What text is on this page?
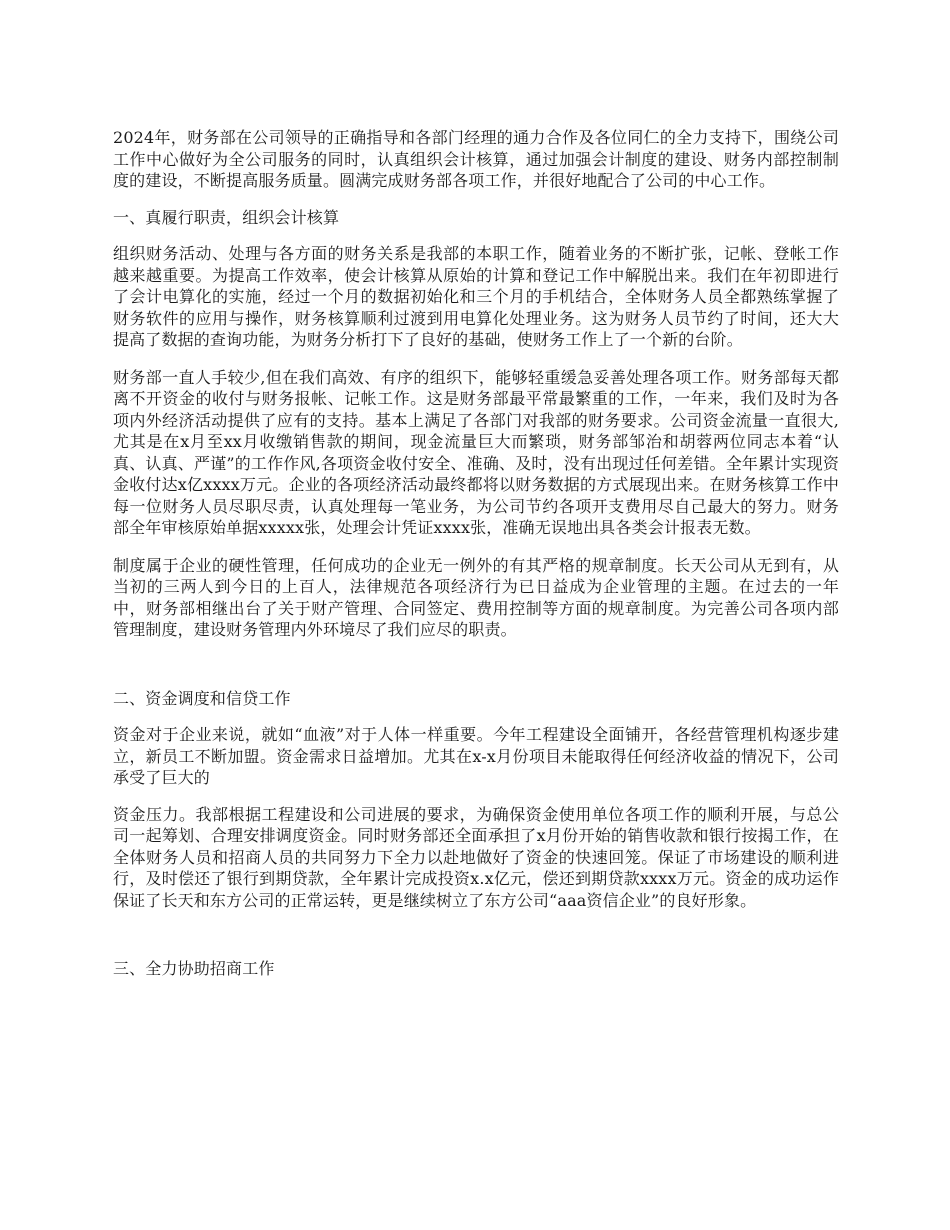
2024年，财务部在公司领导的正确指导和各部门经理的通力合作及各位同仁的全力支持下，围绕公司工作中心做好为全公司服务的同时，认真组织会计核算，通过加强会计制度的建设、财务内部控制制度的建设，不断提高服务质量。圆满完成财务部各项工作，并很好地配合了公司的中心工作。

一、真履行职责，组织会计核算

组织财务活动、处理与各方面的财务关系是我部的本职工作，随着业务的不断扩张，记帐、登帐工作越来越重要。为提高工作效率，使会计核算从原始的计算和登记工作中解脱出来。我们在年初即进行了会计电算化的实施，经过一个月的数据初始化和三个月的手机结合，全体财务人员全都熟练掌握了财务软件的应用与操作，财务核算顺利过渡到用电算化处理业务。这为财务人员节约了时间，还大大提高了数据的查询功能，为财务分析打下了良好的基础，使财务工作上了一个新的台阶。

财务部一直人手较少,但在我们高效、有序的组织下，能够轻重缓急妥善处理各项工作。财务部每天都离不开资金的收付与财务报帐、记帐工作。这是财务部最平常最繁重的工作，一年来，我们及时为各项内外经济活动提供了应有的支持。基本上满足了各部门对我部的财务要求。公司资金流量一直很大,尤其是在x月至xx月收缴销售款的期间，现金流量巨大而繁琐，财务部邹治和胡蓉两位同志本着“认真、认真、严谨”的工作作风,各项资金收付安全、准确、及时，没有出现过任何差错。全年累计实现资金收付达x亿xxxx万元。企业的各项经济活动最终都将以财务数据的方式展现出来。在财务核算工作中每一位财务人员尽职尽责，认真处理每一笔业务，为公司节约各项开支费用尽自己最大的努力。财务部全年审核原始单据xxxxx张，处理会计凭证xxxx张，准确无误地出具各类会计报表无数。

制度属于企业的硬性管理，任何成功的企业无一例外的有其严格的规章制度。长天公司从无到有，从当初的三两人到今日的上百人，法律规范各项经济行为已日益成为企业管理的主题。在过去的一年中，财务部相继出台了关于财产管理、合同签定、费用控制等方面的规章制度。为完善公司各项内部管理制度，建设财务管理内外环境尽了我们应尽的职责。

二、资金调度和信贷工作

资金对于企业来说，就如“血液”对于人体一样重要。今年工程建设全面铺开，各经营管理机构逐步建立，新员工不断加盟。资金需求日益增加。尤其在x-x月份项目未能取得任何经济收益的情况下，公司承受了巨大的

资金压力。我部根据工程建设和公司进展的要求，为确保资金使用单位各项工作的顺利开展，与总公司一起筹划、合理安排调度资金。同时财务部还全面承担了x月份开始的销售收款和银行按揭工作，在全体财务人员和招商人员的共同努力下全力以赴地做好了资金的快速回笼。保证了市场建设的顺利进行，及时偿还了银行到期贷款，全年累计完成投资x.x亿元，偿还到期贷款xxxx万元。资金的成功运作保证了长天和东方公司的正常运转，更是继续树立了东方公司“aaa资信企业”的良好形象。

三、全力协助招商工作
